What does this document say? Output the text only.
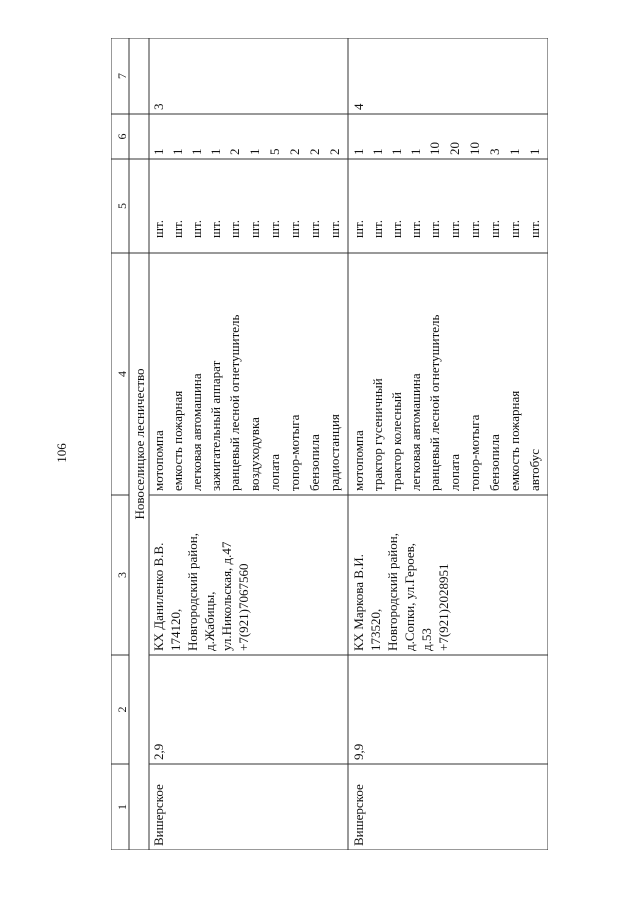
106
1
2
3
4
5
6
7
Новоселицкое лесничество
Вишерское
2,9
КХ Даниленко В.В. 174120, Новгородский район, д.Жабицы, ул.Никольская, д.47 +7(921)7067560
мотопомпа емкость пожарная легковая автомашина зажигательный аппарат ранцевый лесной огнетушитель воздуходувка лопата топор-мотыга бензопила радиостанция
шт. шт. шт. шт. шт. шт. шт. шт. шт. шт.
1 1 1 1 2 1 5 2 2 2
3
Вишерское
9,9
КХ Маркова В.И. 173520, Новгородский район, д.Сопки, ул.Героев, д.53 +7(921)2028951
мотопомпа трактор гусеничный трактор колесный легковая автомашина ранцевый лесной огнетушитель лопата топор-мотыга бензопила емкость пожарная автобус
шт. шт. шт. шт. шт. шт. шт. шт. шт. шт.
1 1 1 1 10 20 10 3 1 1
4
